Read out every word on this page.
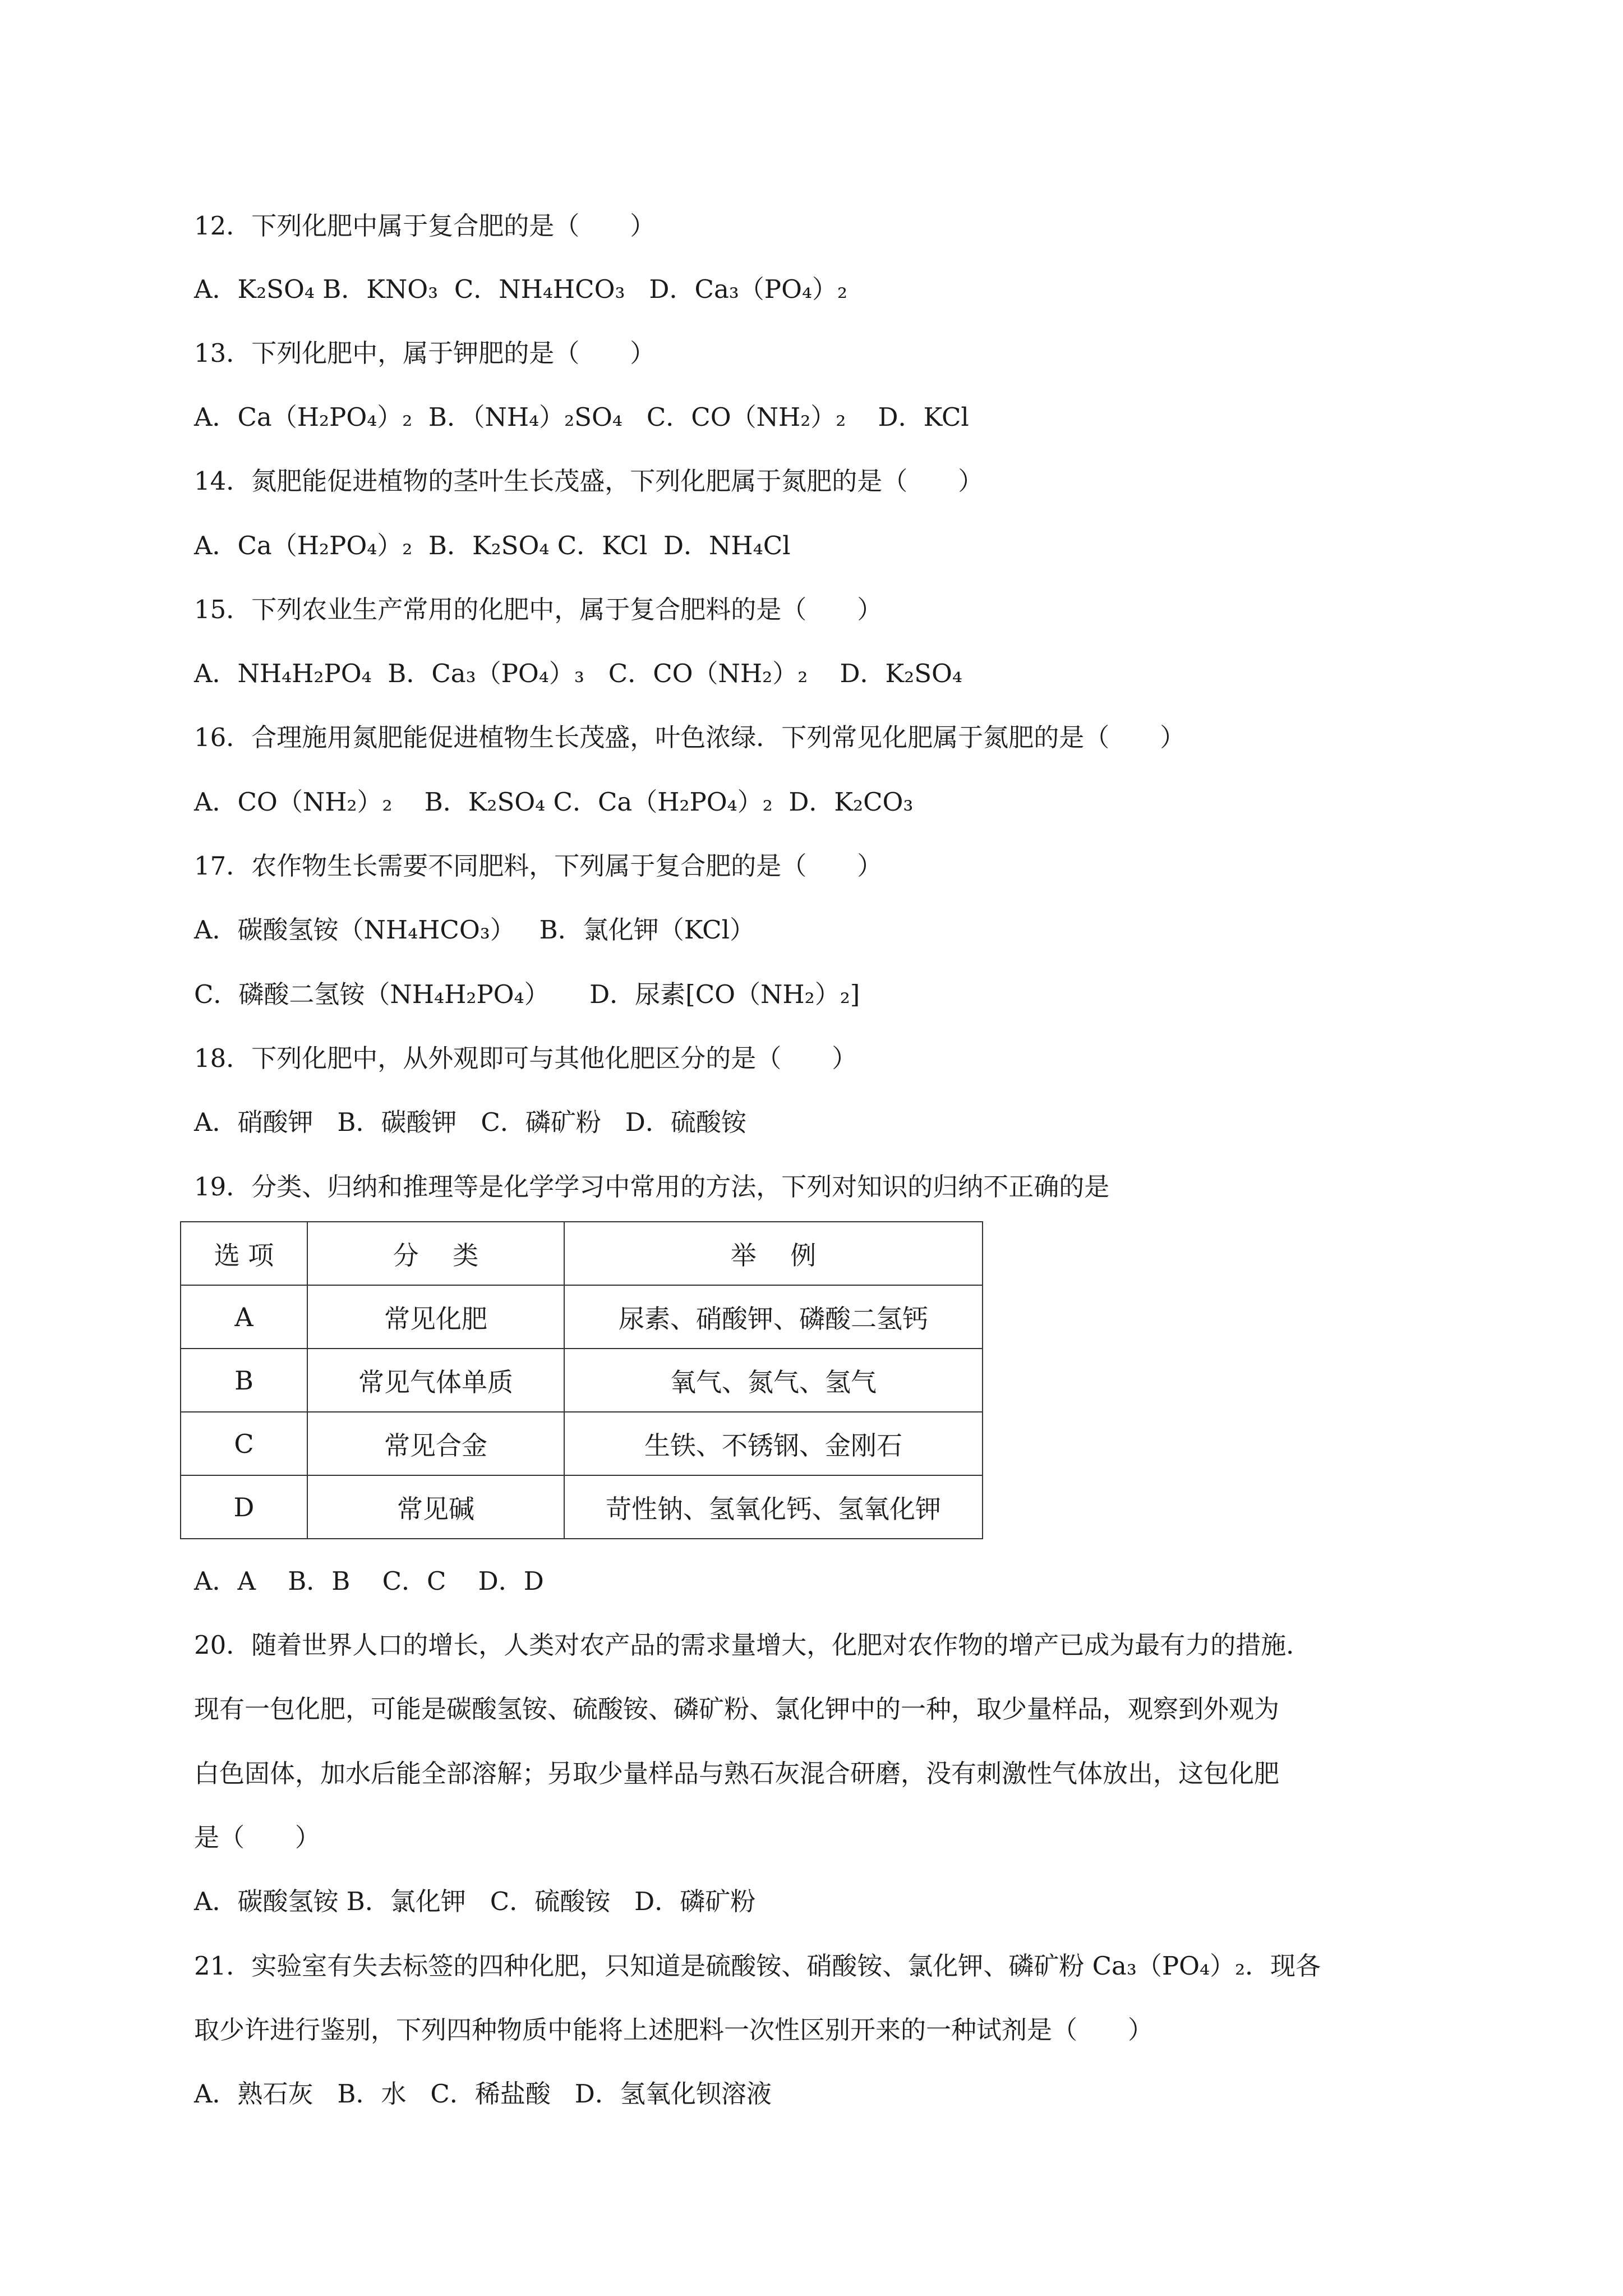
12．下列化肥中属于复合肥的是（　　）
A．K₂SO₄ B．KNO₃  C．NH₄HCO₃   D．Ca₃（PO₄）₂
13．下列化肥中，属于钾肥的是（　　）
A．Ca（H₂PO₄）₂  B．（NH₄）₂SO₄   C．CO（NH₂）₂    D．KCl
14．氮肥能促进植物的茎叶生长茂盛，下列化肥属于氮肥的是（　　）
A．Ca（H₂PO₄）₂  B．K₂SO₄ C．KCl  D．NH₄Cl
15．下列农业生产常用的化肥中，属于复合肥料的是（　　）
A．NH₄H₂PO₄  B．Ca₃（PO₄）₃   C．CO（NH₂）₂    D．K₂SO₄
16．合理施用氮肥能促进植物生长茂盛，叶色浓绿．下列常见化肥属于氮肥的是（　　）
A．CO（NH₂）₂    B．K₂SO₄ C．Ca（H₂PO₄）₂  D．K₂CO₃
17．农作物生长需要不同肥料，下列属于复合肥的是（　　）
A．碳酸氢铵（NH₄HCO₃）   B．氯化钾（KCl）
C．磷酸二氢铵（NH₄H₂PO₄）     D．尿素[CO（NH₂）₂]
18．下列化肥中，从外观即可与其他化肥区分的是（　　）
A．硝酸钾   B．碳酸钾   C．磷矿粉   D．硫酸铵
19．分类、归纳和推理等是化学学习中常用的方法，下列对知识的归纳不正确的是
选 项	分　 类	举　 例
A	常见化肥	尿素、硝酸钾、磷酸二氢钙
B	常见气体单质	氧气、氮气、氢气
C	常见合金	生铁、不锈钢、金刚石
D	常见碱	苛性钠、氢氧化钙、氢氧化钾
A．A    B．B    C．C    D．D
20．随着世界人口的增长，人类对农产品的需求量增大，化肥对农作物的增产已成为最有力的措施．
现有一包化肥，可能是碳酸氢铵、硫酸铵、磷矿粉、氯化钾中的一种，取少量样品，观察到外观为
白色固体，加水后能全部溶解；另取少量样品与熟石灰混合研磨，没有刺激性气体放出，这包化肥
是（　　）
A．碳酸氢铵 B．氯化钾   C．硫酸铵   D．磷矿粉
21．实验室有失去标签的四种化肥，只知道是硫酸铵、硝酸铵、氯化钾、磷矿粉 Ca₃（PO₄）₂．现各
取少许进行鉴别，下列四种物质中能将上述肥料一次性区别开来的一种试剂是（　　）
A．熟石灰   B．水   C．稀盐酸   D．氢氧化钡溶液
